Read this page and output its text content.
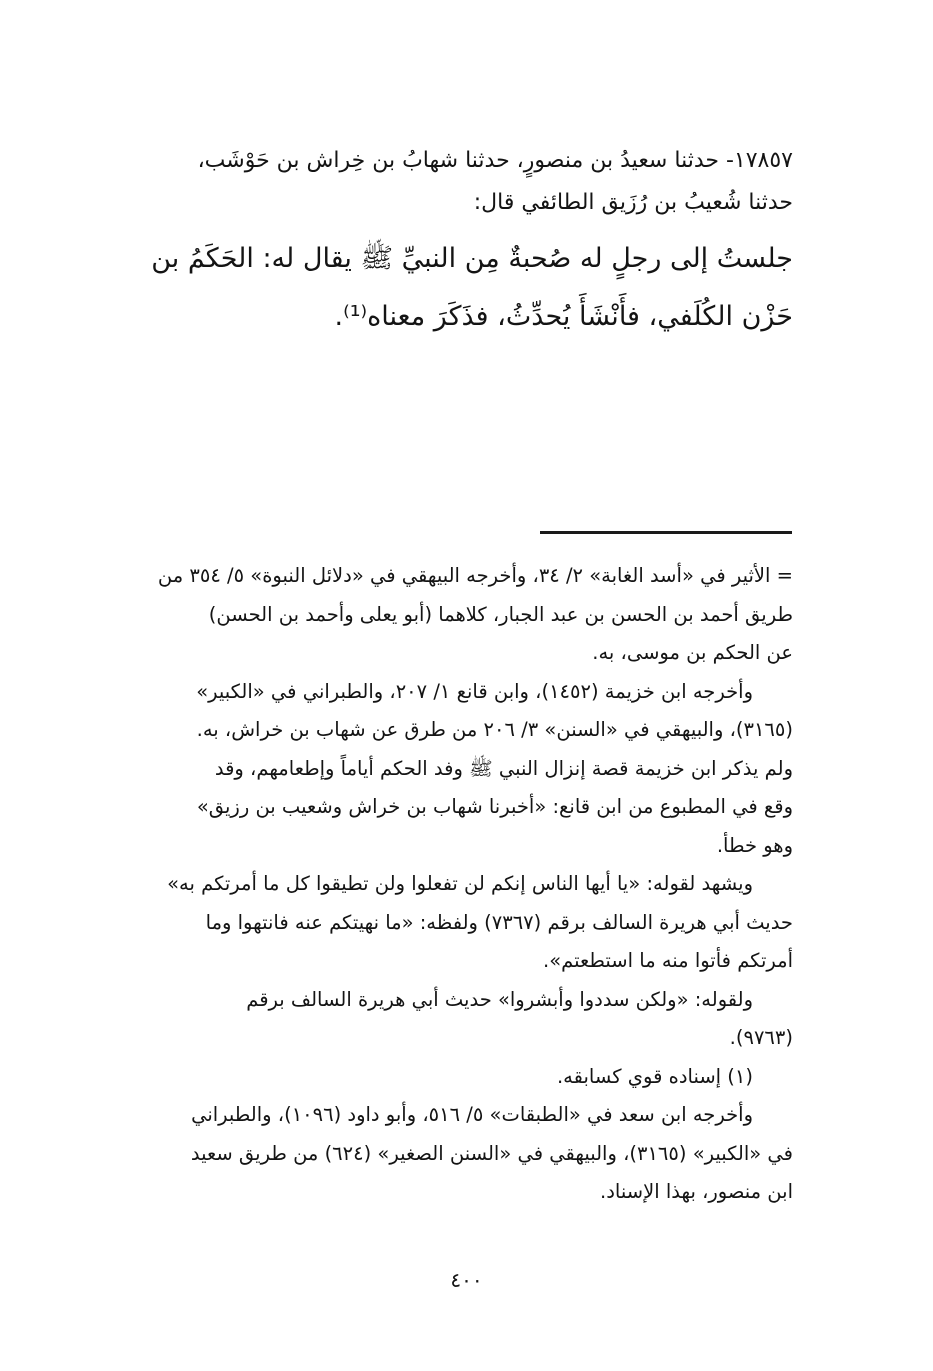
١٧٨٥٧- حدثنا سعيدُ بن منصورٍ، حدثنا شهابُ بن خِراش بن حَوْشَب،
حدثنا شُعيبُ بن رُزَيق الطائفي قال:
جلستُ إلى رجلٍ له صُحبةٌ مِن النبيِّ ﷺ يقال له: الحَكَمُ بن
حَزْن الكُلَفي، فأَنْشَأَ يُحدِّثُ، فذَكَرَ معناه⁽¹⁾.

= الأثير في «أسد الغابة» ٢/ ٣٤، وأخرجه البيهقي في «دلائل النبوة» ٥/ ٣٥٤ من

طريق أحمد بن الحسن بن عبد الجبار، كلاهما (أبو يعلى وأحمد بن الحسن)

عن الحكم بن موسى، به.

وأخرجه ابن خزيمة (١٤٥٢)، وابن قانع ١/ ٢٠٧، والطبراني في «الكبير»

(٣١٦٥)، والبيهقي في «السنن» ٣/ ٢٠٦ من طرق عن شهاب بن خراش، به.

ولم يذكر ابن خزيمة قصة إنزال النبي ﷺ وفد الحكم أياماً وإطعامهم، وقد

وقع في المطبوع من ابن قانع: «أخبرنا شهاب بن خراش وشعيب بن رزيق»

وهو خطأ.

ويشهد لقوله: «يا أيها الناس إنكم لن تفعلوا ولن تطيقوا كل ما أمرتكم به»

حديث أبي هريرة السالف برقم (٧٣٦٧) ولفظه: «ما نهيتكم عنه فانتهوا وما

أمرتكم فأتوا منه ما استطعتم».

ولقوله: «ولكن سددوا وأبشروا» حديث أبي هريرة السالف برقم

(٩٧٦٣).

(١) إسناده قوي كسابقه.

وأخرجه ابن سعد في «الطبقات» ٥/ ٥١٦، وأبو داود (١٠٩٦)، والطبراني

في «الكبير» (٣١٦٥)، والبيهقي في «السنن الصغير» (٦٢٤) من طريق سعيد

ابن منصور، بهذا الإسناد.

٤٠٠
